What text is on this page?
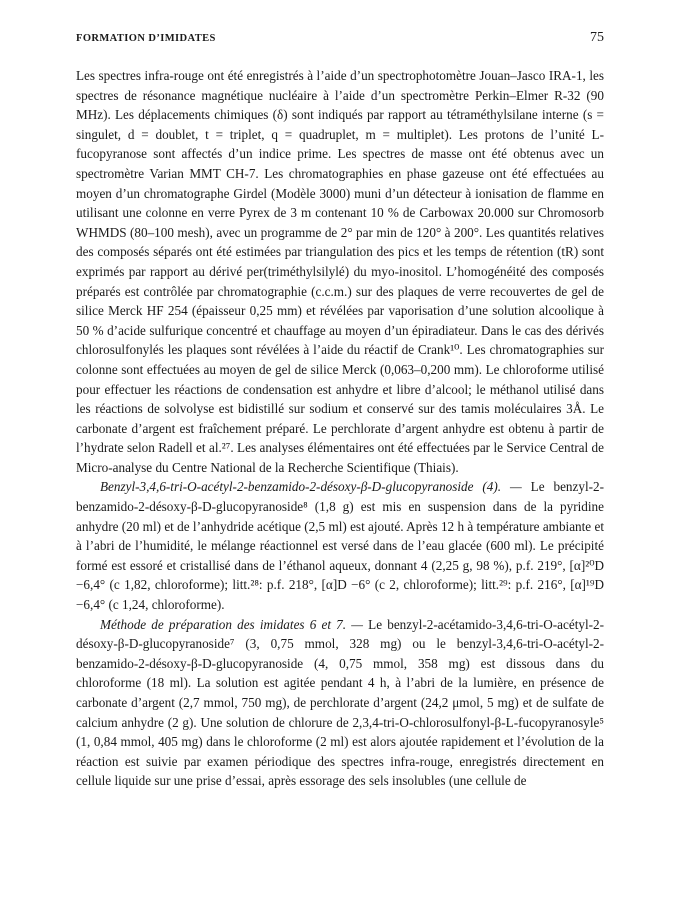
FORMATION D’IMIDATES	75

Les spectres infra-rouge ont été enregistrés à l’aide d’un spectrophotomètre Jouan–Jasco IRA-1, les spectres de résonance magnétique nucléaire à l’aide d’un spectromètre Perkin–Elmer R-32 (90 MHz). Les déplacements chimiques (δ) sont indiqués par rapport au tétraméthylsilane interne (s = singulet, d = doublet, t = triplet, q = quadruplet, m = multiplet). Les protons de l’unité L-fucopyranose sont affectés d’un indice prime. Les spectres de masse ont été obtenus avec un spectromètre Varian MMT CH-7. Les chromatographies en phase gazeuse ont été effectuées au moyen d’un chromatographe Girdel (Modèle 3000) muni d’un détecteur à ionisation de flamme en utilisant une colonne en verre Pyrex de 3 m contenant 10 % de Carbowax 20.000 sur Chromosorb WHMDS (80–100 mesh), avec un programme de 2° par min de 120° à 200°. Les quantités relatives des composés séparés ont été estimées par triangulation des pics et les temps de rétention (tR) sont exprimés par rapport au dérivé per(triméthylsilylé) du myo-inositol. L’homogénéité des composés préparés est contrôlée par chromatographie (c.c.m.) sur des plaques de verre recouvertes de gel de silice Merck HF 254 (épaisseur 0,25 mm) et révélées par vaporisation d’une solution alcoolique à 50 % d’acide sulfurique concentré et chauffage au moyen d’un épiradiateur. Dans le cas des dérivés chlorosulfonylés les plaques sont révélées à l’aide du réactif de Crank¹⁰. Les chromatographies sur colonne sont effectuées au moyen de gel de silice Merck (0,063–0,200 mm). Le chloroforme utilisé pour effectuer les réactions de condensation est anhydre et libre d’alcool; le méthanol utilisé dans les réactions de solvolyse est bidistillé sur sodium et conservé sur des tamis moléculaires 3Å. Le carbonate d’argent est fraîchement préparé. Le perchlorate d’argent anhydre est obtenu à partir de l’hydrate selon Radell et al.²⁷. Les analyses élémentaires ont été effectuées par le Service Central de Micro-analyse du Centre National de la Recherche Scientifique (Thiais).

Benzyl-3,4,6-tri-O-acétyl-2-benzamido-2-désoxy-β-D-glucopyranoside (4). — Le benzyl-2-benzamido-2-désoxy-β-D-glucopyranoside⁸ (1,8 g) est mis en suspension dans de la pyridine anhydre (20 ml) et de l’anhydride acétique (2,5 ml) est ajouté. Après 12 h à température ambiante et à l’abri de l’humidité, le mélange réactionnel est versé dans de l’eau glacée (600 ml). Le précipité formé est essoré et cristallisé dans de l’éthanol aqueux, donnant 4 (2,25 g, 98 %), p.f. 219°, [α]²⁰D −6,4° (c 1,82, chloroforme); litt.²⁸: p.f. 218°, [α]D −6° (c 2, chloroforme); litt.²⁹: p.f. 216°, [α]¹⁹D −6,4° (c 1,24, chloroforme).

Méthode de préparation des imidates 6 et 7. — Le benzyl-2-acétamido-3,4,6-tri-O-acétyl-2-désoxy-β-D-glucopyranoside⁷ (3, 0,75 mmol, 328 mg) ou le benzyl-3,4,6-tri-O-acétyl-2-benzamido-2-désoxy-β-D-glucopyranoside (4, 0,75 mmol, 358 mg) est dissous dans du chloroforme (18 ml). La solution est agitée pendant 4 h, à l’abri de la lumière, en présence de carbonate d’argent (2,7 mmol, 750 mg), de perchlorate d’argent (24,2 μmol, 5 mg) et de sulfate de calcium anhydre (2 g). Une solution de chlorure de 2,3,4-tri-O-chlorosulfonyl-β-L-fucopyranosyle⁵ (1, 0,84 mmol, 405 mg) dans le chloroforme (2 ml) est alors ajoutée rapidement et l’évolution de la réaction est suivie par examen périodique des spectres infra-rouge, enregistrés directement en cellule liquide sur une prise d’essai, après essorage des sels insolubles (une cellule de
